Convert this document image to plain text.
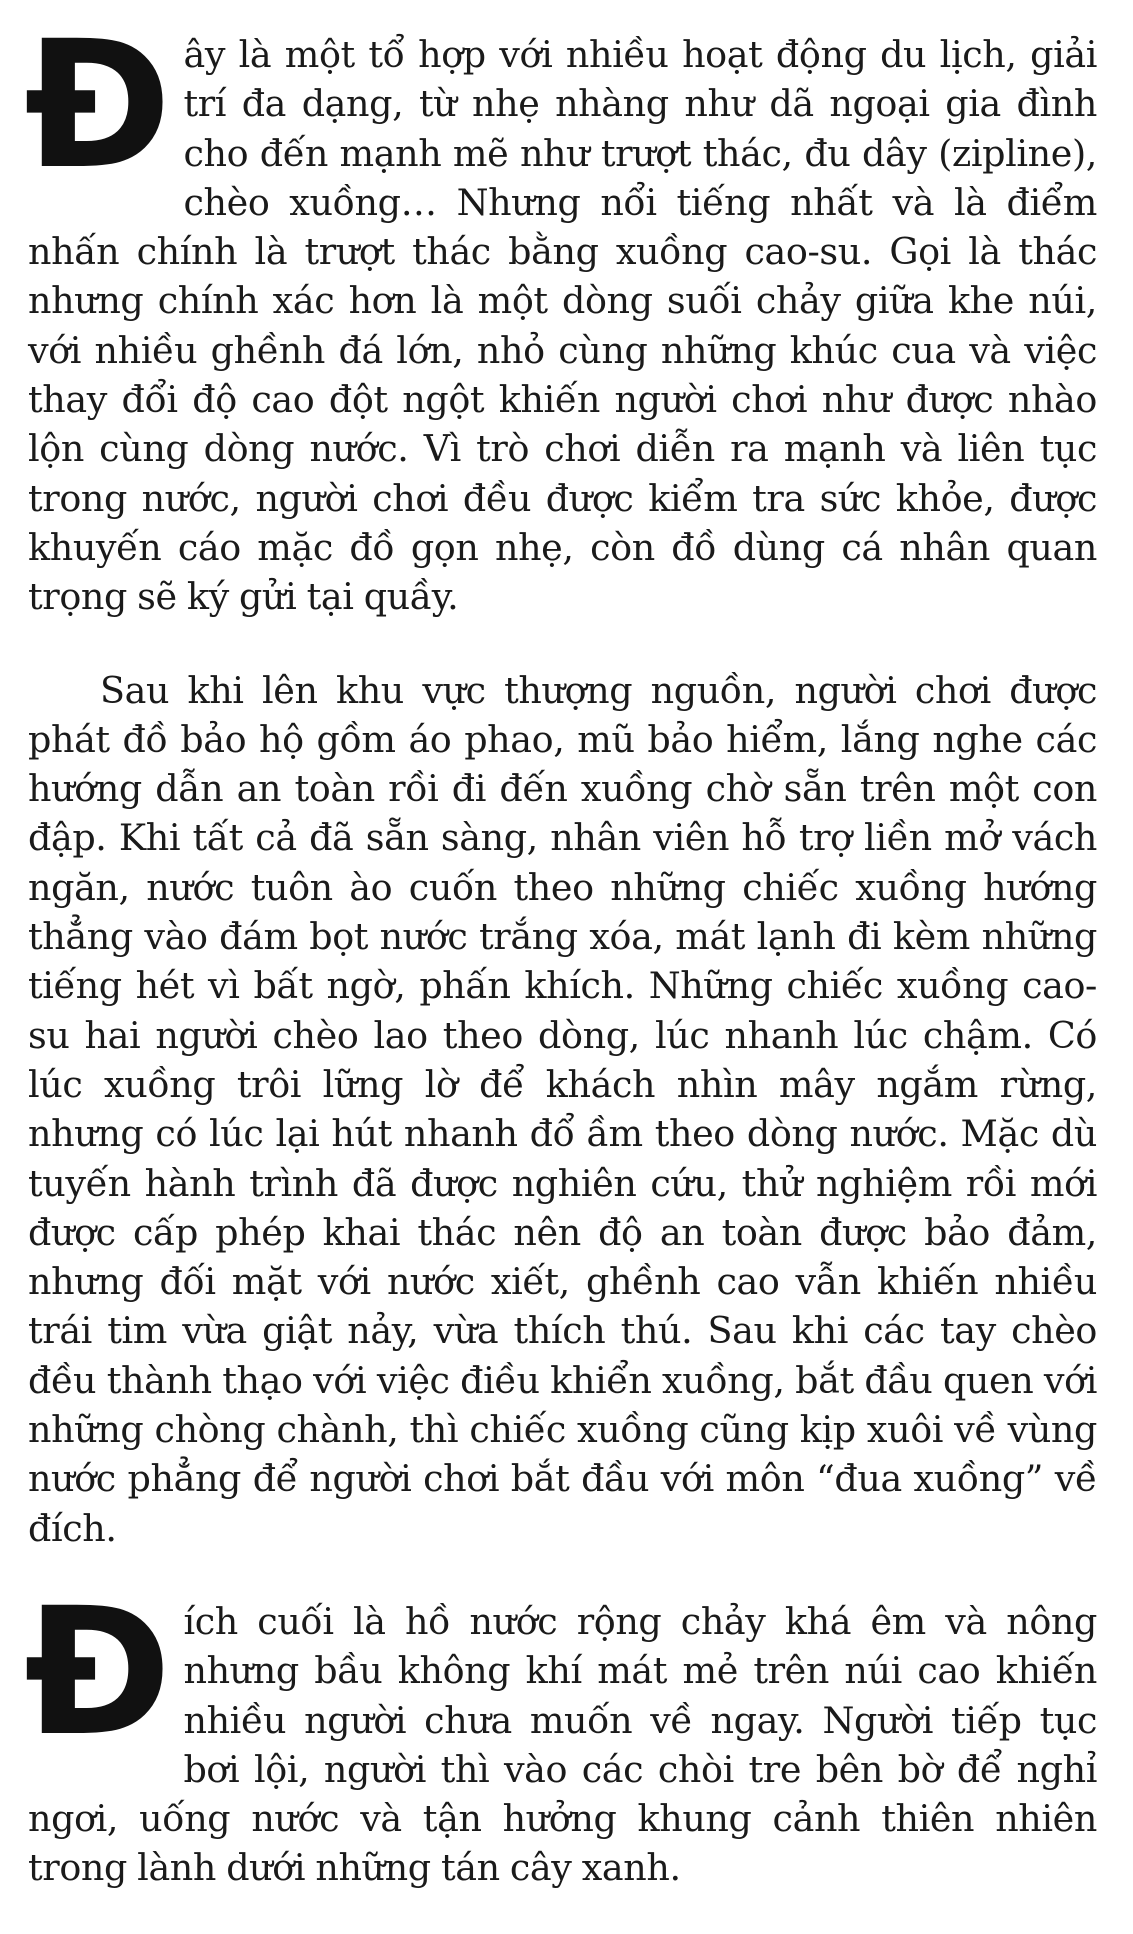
Đây là một tổ hợp với nhiều hoạt động du lịch, giải trí đa dạng, từ nhẹ nhàng như dã ngoại gia đình cho đến mạnh mẽ như trượt thác, đu dây (zipline), chèo xuồng… Nhưng nổi tiếng nhất và là điểm nhấn chính là trượt thác bằng xuồng cao-su. Gọi là thác nhưng chính xác hơn là một dòng suối chảy giữa khe núi, với nhiều ghềnh đá lớn, nhỏ cùng những khúc cua và việc thay đổi độ cao đột ngột khiến người chơi như được nhào lộn cùng dòng nước. Vì trò chơi diễn ra mạnh và liên tục trong nước, người chơi đều được kiểm tra sức khỏe, được khuyến cáo mặc đồ gọn nhẹ, còn đồ dùng cá nhân quan trọng sẽ ký gửi tại quầy.

Sau khi lên khu vực thượng nguồn, người chơi được phát đồ bảo hộ gồm áo phao, mũ bảo hiểm, lắng nghe các hướng dẫn an toàn rồi đi đến xuồng chờ sẵn trên một con đập. Khi tất cả đã sẵn sàng, nhân viên hỗ trợ liền mở vách ngăn, nước tuôn ào cuốn theo những chiếc xuồng hướng thẳng vào đám bọt nước trắng xóa, mát lạnh đi kèm những tiếng hét vì bất ngờ, phấn khích. Những chiếc xuồng cao-su hai người chèo lao theo dòng, lúc nhanh lúc chậm. Có lúc xuồng trôi lững lờ để khách nhìn mây ngắm rừng, nhưng có lúc lại hút nhanh đổ ầm theo dòng nước. Mặc dù tuyến hành trình đã được nghiên cứu, thử nghiệm rồi mới được cấp phép khai thác nên độ an toàn được bảo đảm, nhưng đối mặt với nước xiết, ghềnh cao vẫn khiến nhiều trái tim vừa giật nảy, vừa thích thú. Sau khi các tay chèo đều thành thạo với việc điều khiển xuồng, bắt đầu quen với những chòng chành, thì chiếc xuồng cũng kịp xuôi về vùng nước phẳng để người chơi bắt đầu với môn “đua xuồng” về đích.

Đích cuối là hồ nước rộng chảy khá êm và nông nhưng bầu không khí mát mẻ trên núi cao khiến nhiều người chưa muốn về ngay. Người tiếp tục bơi lội, người thì vào các chòi tre bên bờ để nghỉ ngơi, uống nước và tận hưởng khung cảnh thiên nhiên trong lành dưới những tán cây xanh.
